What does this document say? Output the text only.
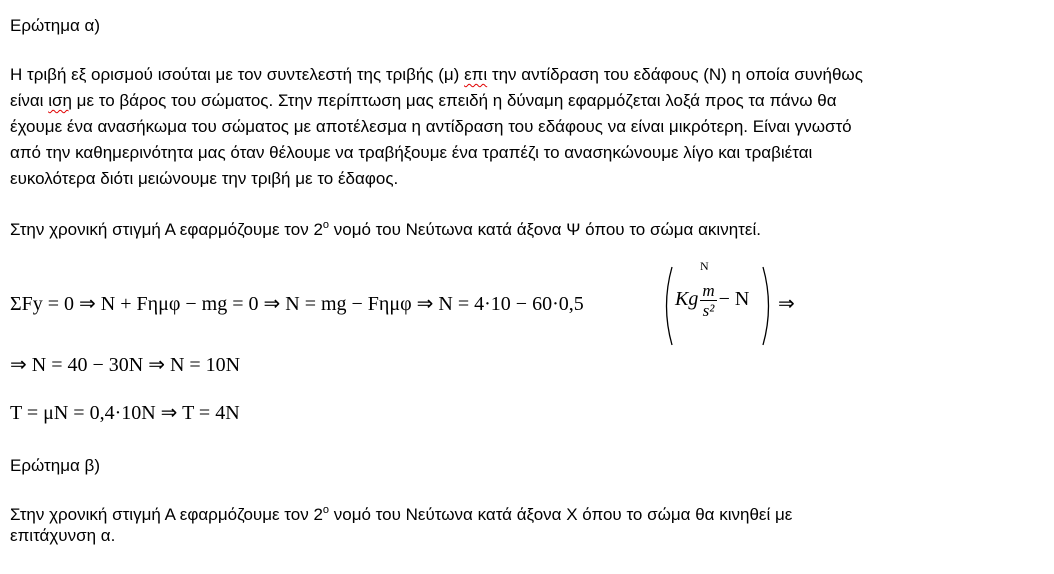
Ερώτημα α)
Η τριβή εξ ορισμού ισούται με τον συντελεστή της τριβής (μ) επι την αντίδραση του εδάφους (N) η οποία συνήθως
είναι ιση με το βάρος του σώματος. Στην περίπτωση μας επειδή η δύναμη εφαρμόζεται λοξά προς τα πάνω θα
έχουμε ένα ανασήκωμα του σώματος με αποτέλεσμα η αντίδραση του εδάφους να είναι μικρότερη. Είναι γνωστό
από την καθημερινότητα μας όταν θέλουμε να τραβήξουμε ένα τραπέζι το ανασηκώνουμε λίγο και τραβιέται
ευκολότερα διότι μειώνουμε την τριβή με το έδαφος.
Στην χρονική στιγμή Α εφαρμόζουμε τον $2^o$ νομό του Νεύτωνα κατά άξονα Ψ όπου το σώμα ακινητεί.
ΣFy = 0 ⇒ N + Fημφ − mg = 0 ⇒ N = mg − Fημφ ⇒ N = 4·10 − 60·0,5
N
Kg $\frac{m}{\text{s²}} - N$ ⇒
⇒ N = 40 − 30N ⇒ N = 10N
T = μN = 0,4·10N ⇒ T = 4N
Ερώτημα β)
Στην χρονική στιγμή Α εφαρμόζουμε τον $2^o$ νομό του Νεύτωνα κατά άξονα Χ όπου το σώμα θα κινηθεί με
επιτάχυνση α.
